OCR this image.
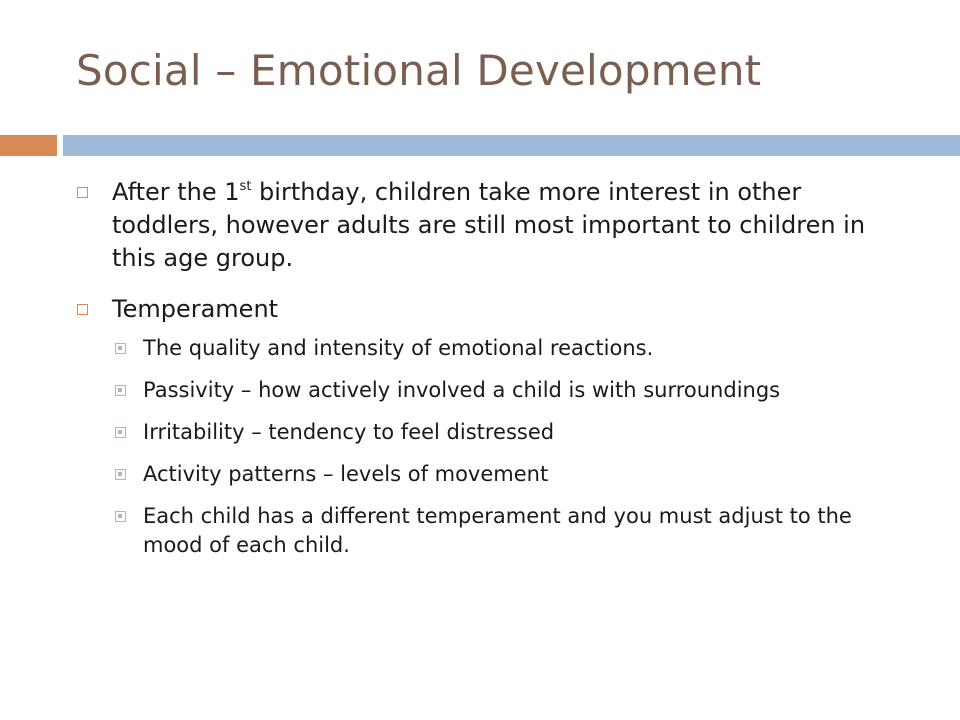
Social – Emotional Development
After the 1st birthday, children take more interest in other toddlers, however adults are still most important to children in this age group.
Temperament
The quality and intensity of emotional reactions.
Passivity – how actively involved a child is with surroundings
Irritability – tendency to feel distressed
Activity patterns – levels of movement
Each child has a different temperament and you must adjust to the mood of each child.
